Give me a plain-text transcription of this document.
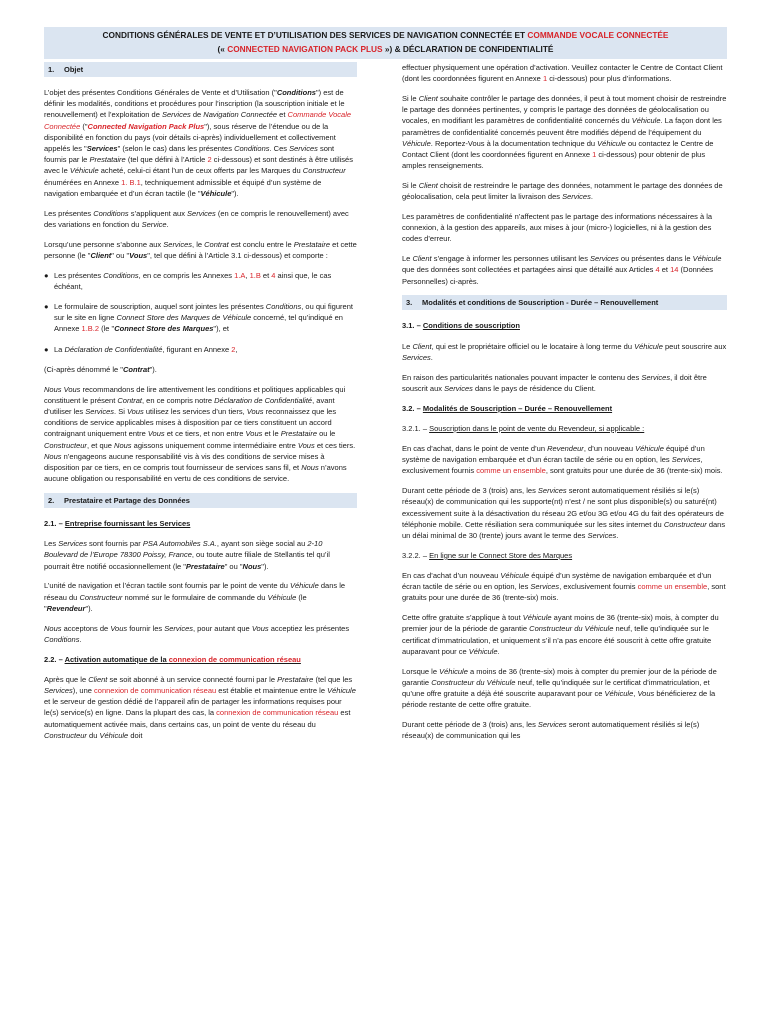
CONDITIONS GÉNÉRALES DE VENTE ET D’UTILISATION DES SERVICES DE NAVIGATION CONNECTÉE ET COMMANDE VOCALE CONNECTÉE
(« CONNECTED NAVIGATION PACK PLUS ») & DÉCLARATION DE CONFIDENTIALITÉ
1. Objet

L’objet des présentes Conditions Générales de Vente et d’Utilisation ("Conditions") est de définir les modalités, conditions et procédures pour l’inscription (la souscription initiale et le renouvellement) et l’exploitation de Services de Navigation Connectée et Commande Vocale Connectée ("Connected Navigation Pack Plus"), sous réserve de l’étendue ou de la disponibilité en fonction du pays (voir détails ci-après) individuellement et collectivement appelés les "Services" (selon le cas) dans les présentes Conditions. Ces Services sont fournis par le Prestataire (tel que défini à l’Article 2 ci-dessous) et sont destinés à être utilisés avec le Véhicule acheté, celui-ci étant l’un de ceux offerts par les Marques du Constructeur énumérées en Annexe 1. B.1, techniquement admissible et équipé d’un système de navigation embarquée et d’un écran tactile (le "Véhicule").

Les présentes Conditions s’appliquent aux Services (en ce compris le renouvellement) avec des variations en fonction du Service.

Lorsqu’une personne s’abonne aux Services, le Contrat est conclu entre le Prestataire et cette personne (le "Client" ou "Vous", tel que défini à l’Article 3.1 ci-dessous) et comporte :

● Les présentes Conditions, en ce compris les Annexes 1.A, 1.B et 4 ainsi que, le cas échéant,
● Le formulaire de souscription, auquel sont jointes les présentes Conditions, ou qui figurent sur le site en ligne Connect Store des Marques de Véhicule concerné, tel qu’indiqué en Annexe 1.B.2 (le "Connect Store des Marques"), et
● La Déclaration de Confidentialité, figurant en Annexe 2,

(Ci-après dénommé le "Contrat").

Nous Vous recommandons de lire attentivement les conditions et politiques applicables qui constituent le présent Contrat, en ce compris notre Déclaration de Confidentialité, avant d’utiliser les Services. Si Vous utilisez les services d’un tiers, Vous reconnaissez que les conditions de service applicables mises à disposition par ce tiers constituent un accord contraignant uniquement entre Vous et ce tiers, et non entre Vous et le Prestataire ou le Constructeur, et que Nous agissons uniquement comme intermédiaire entre Vous et ces tiers. Nous n’engageons aucune responsabilité vis à vis des conditions de service mises à disposition par ce tiers, en ce compris tout fournisseur de services sans fil, et Nous n’avons aucune obligation ou responsabilité en vertu de ces conditions de service.

2. Prestataire et Partage des Données
2.1. – Entreprise fournissant les Services

Les Services sont fournis par PSA Automobiles S.A., ayant son siège social au 2-10 Boulevard de l’Europe 78300 Poissy, France, ou toute autre filiale de Stellantis tel qu’il pourrait être notifié occasionnellement (le "Prestataire" ou "Nous").

L’unité de navigation et l’écran tactile sont fournis par le point de vente du Véhicule dans le réseau du Constructeur nommé sur le formulaire de commande du Véhicule (le "Revendeur").

Nous acceptons de Vous fournir les Services, pour autant que Vous acceptiez les présentes Conditions.

2.2. – Activation automatique de la connexion de communication réseau

Après que le Client se soit abonné à un service connecté fourni par le Prestataire (tel que les Services), une connexion de communication réseau est établie et maintenue entre le Véhicule et le serveur de gestion dédié de l’appareil afin de partager les informations requises pour le(s) service(s) en ligne. Dans la plupart des cas, la connexion de communication réseau est automatiquement activée mais, dans certains cas, un point de vente du réseau du Constructeur du Véhicule doit

effectuer physiquement une opération d’activation. Veuillez contacter le Centre de Contact Client (dont les coordonnées figurent en Annexe 1 ci-dessous) pour plus d’informations.

Si le Client souhaite contrôler le partage des données, il peut à tout moment choisir de restreindre le partage des données pertinentes, y compris le partage des données de géolocalisation ou vocales, en modifiant les paramètres de confidentialité concernés du Véhicule. La façon dont les paramètres de confidentialité concernés peuvent être modifiés dépend de l’équipement du Véhicule. Reportez-Vous à la documentation technique du Véhicule ou contactez le Centre de Contact Client (dont les coordonnées figurent en Annexe 1 ci-dessous) pour obtenir de plus amples renseignements.

Si le Client choisit de restreindre le partage des données, notamment le partage des données de géolocalisation, cela peut limiter la livraison des Services.

Les paramètres de confidentialité n’affectent pas le partage des informations nécessaires à la connexion, à la gestion des appareils, aux mises à jour (micro-) logicielles, ni à la gestion des codes d’erreur.

Le Client s’engage à informer les personnes utilisant les Services ou présentes dans le Véhicule que des données sont collectées et partagées ainsi que détaillé aux Articles 4 et 14 (Données Personnelles) ci-après.

3. Modalités et conditions de Souscription - Durée – Renouvellement
3.1. – Conditions de souscription

Le Client, qui est le propriétaire officiel ou le locataire à long terme du Véhicule peut souscrire aux Services.

En raison des particularités nationales pouvant impacter le contenu des Services, il doit être souscrit aux Services dans le pays de résidence du Client.

3.2. – Modalités de Souscription – Durée – Renouvellement
3.2.1. – Souscription dans le point de vente du Revendeur, si applicable :

En cas d’achat, dans le point de vente d’un Revendeur, d’un nouveau Véhicule équipé d’un système de navigation embarquée et d’un écran tactile de série ou en option, les Services, exclusivement fournis comme un ensemble, sont gratuits pour une durée de 36 (trente-six) mois.

Durant cette période de 3 (trois) ans, les Services seront automatiquement résiliés si le(s) réseau(x) de communication qui les supporte(nt) n’est / ne sont plus disponible(s) ou saturé(nt) excessivement suite à la désactivation du réseau 2G et/ou 3G et/ou 4G du fait des opérateurs de téléphonie mobile. Cette résiliation sera communiquée sur les sites internet du Constructeur dans un délai minimal de 30 (trente) jours avant le terme des Services.

3.2.2. – En ligne sur le Connect Store des Marques

En cas d’achat d’un nouveau Véhicule équipé d’un système de navigation embarquée et d’un écran tactile de série ou en option, les Services, exclusivement fournis comme un ensemble, sont gratuits pour une durée de 36 (trente-six) mois.

Cette offre gratuite s’applique à tout Véhicule ayant moins de 36 (trente-six) mois, à compter du premier jour de la période de garantie Constructeur du Véhicule neuf, telle qu’indiquée sur le certificat d’immatriculation, et uniquement s’il n’a pas encore été souscrit à cette offre gratuite auparavant pour ce Véhicule.

Lorsque le Véhicule a moins de 36 (trente-six) mois à compter du premier jour de la période de garantie Constructeur du Véhicule neuf, telle qu’indiquée sur le certificat d’immatriculation, et qu’une offre gratuite a déjà été souscrite auparavant pour ce Véhicule, Vous bénéficierez de la période restante de cette offre gratuite.

Durant cette période de 3 (trois) ans, les Services seront automatiquement résiliés si le(s) réseau(x) de communication qui les
